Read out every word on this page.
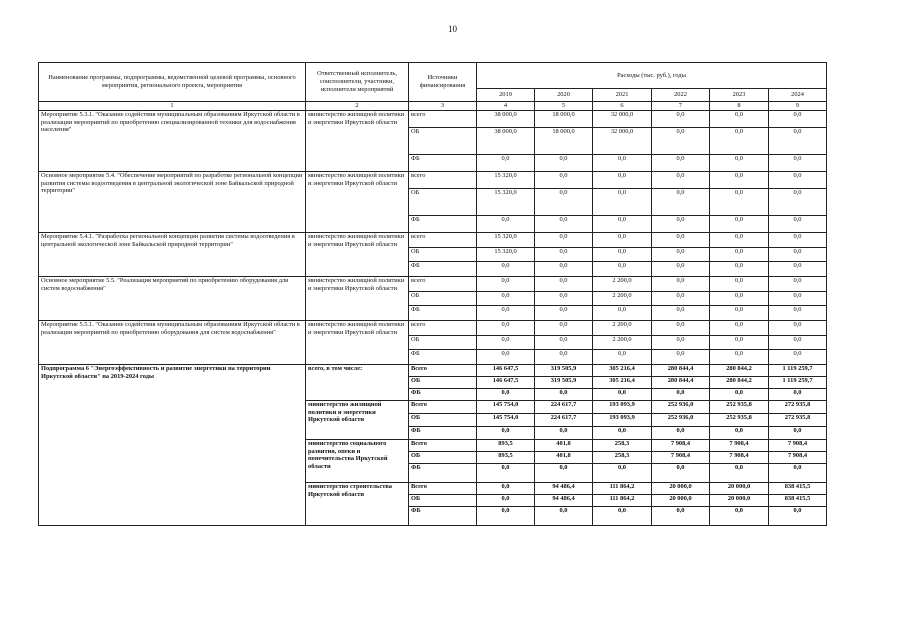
10
Наименование программы, подпрограммы, ведомственной целевой программы, основного мероприятия, регионального проекта, мероприятия	Ответственный исполнитель, соисполнители, участники, исполнители мероприятий	Источники финансирования	Расходы (тыс. руб.), годы					
			2019	2020	2021	2022	2023	2024
1	2	3	4	5	6	7	8	9
Мероприятие 5.3.1. "Оказание содействия муниципальным образованиям Иркутской области в реализации мероприятий по приобретению специализированной техники для водоснабжения населения"	министерство жилищной политики и энергетики Иркутской области	всего	38 000,0	18 000,0	32 000,0	0,0	0,0	0,0
		ОБ	38 000,0	18 000,0	32 000,0	0,0	0,0	0,0
		ФБ	0,0	0,0	0,0	0,0	0,0	0,0
Основное мероприятие 5.4. "Обеспечение мероприятий по разработке региональной концепции развития системы водоотведения в центральной экологической зоне Байкальской природной территории"	министерство жилищной политики и энергетики Иркутской области	всего	15 320,0	0,0	0,0	0,0	0,0	0,0
		ОБ	15 320,0	0,0	0,0	0,0	0,0	0,0
		ФБ	0,0	0,0	0,0	0,0	0,0	0,0
Мероприятие 5.4.1. "Разработка региональной концепции развития системы водоотведения в центральной экологической зоне Байкальской природной территории"	министерство жилищной политики и энергетики Иркутской области	всего	15 320,0	0,0	0,0	0,0	0,0	0,0
		ОБ	15 320,0	0,0	0,0	0,0	0,0	0,0
		ФБ	0,0	0,0	0,0	0,0	0,0	0,0
Основное мероприятие 5.5. "Реализация мероприятий по приобретению оборудования для систем водоснабжения"	министерство жилищной политики и энергетики Иркутской области	всего	0,0	0,0	2 200,0	0,0	0,0	0,0
		ОБ	0,0	0,0	2 200,0	0,0	0,0	0,0
		ФБ	0,0	0,0	0,0	0,0	0,0	0,0
Мероприятие 5.5.1. "Оказание содействия муниципальным образованиям Иркутской области в реализации мероприятий по приобретению оборудования для систем водоснабжения"	министерство жилищной политики и энергетики Иркутской области	всего	0,0	0,0	2 200,0	0,0	0,0	0,0
		ОБ	0,0	0,0	2 200,0	0,0	0,0	0,0
		ФБ	0,0	0,0	0,0	0,0	0,0	0,0
Подпрограмма 6 "Энергоэффективность и развитие энергетики на территории Иркутской области" на 2019-2024 годы	всего, в том числе:	Всего	146 647,5	319 505,9	305 216,4	280 844,4	280 844,2	1 119 259,7
		ОБ	146 647,5	319 505,9	305 216,4	280 844,4	280 844,2	1 119 259,7
		ФБ	0,0	0,0	0,0	0,0	0,0	0,0
	министерство жилищной политики и энергетики Иркутской области	Всего	145 754,0	224 617,7	193 093,9	252 936,0	252 935,8	272 935,8
		ОБ	145 754,0	224 617,7	193 093,9	252 936,0	252 935,8	272 935,8
		ФБ	0,0	0,0	0,0	0,0	0,0	0,0
	министерство социального развития, опеки и попечительства Иркутской области	Всего	893,5	401,8	258,3	7 908,4	7 908,4	7 908,4
		ОБ	893,5	401,8	258,3	7 908,4	7 908,4	7 908,4
		ФБ	0,0	0,0	0,0	0,0	0,0	0,0
	министерство строительства Иркутской области	Всего	0,0	94 486,4	111 864,2	20 000,0	20 000,0	838 415,5
		ОБ	0,0	94 486,4	111 864,2	20 000,0	20 000,0	838 415,5
		ФБ	0,0	0,0	0,0	0,0	0,0	0,0
